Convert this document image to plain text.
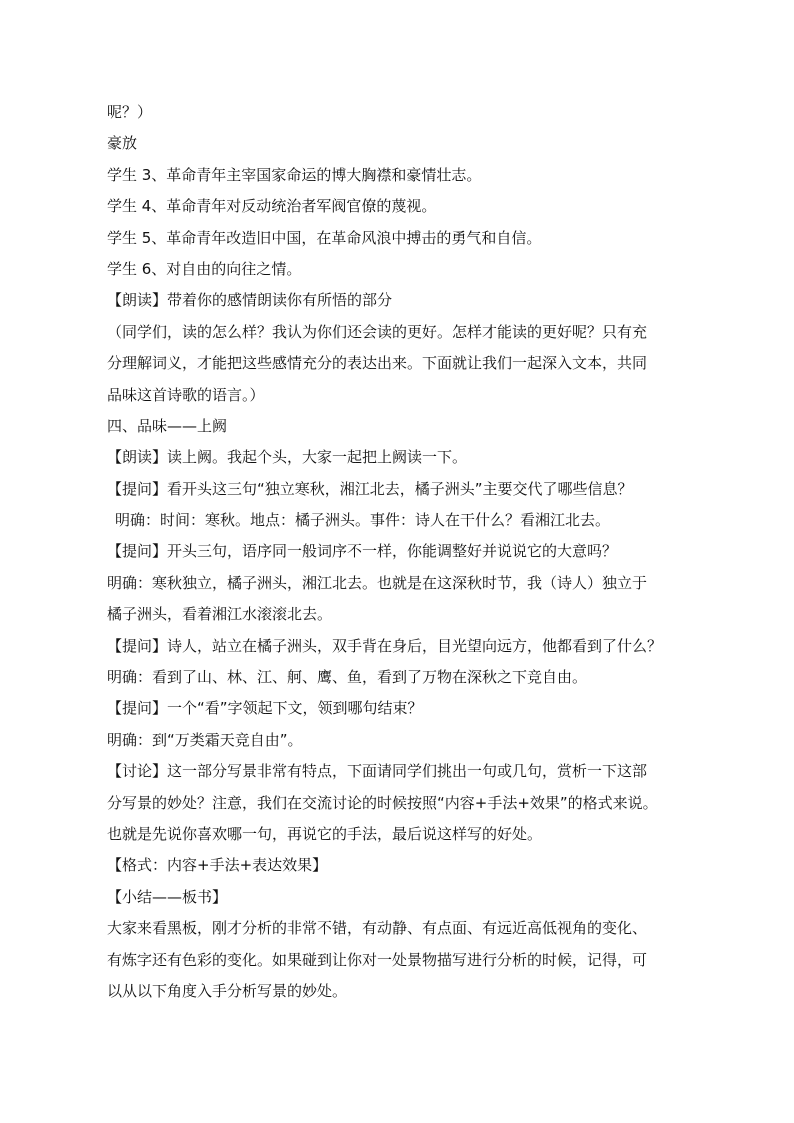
呢？）
豪放
学生 3、革命青年主宰国家命运的博大胸襟和豪情壮志。
学生 4、革命青年对反动统治者军阀官僚的蔑视。
学生 5、革命青年改造旧中国，在革命风浪中搏击的勇气和自信。
学生 6、对自由的向往之情。
【朗读】带着你的感情朗读你有所悟的部分
（同学们，读的怎么样？我认为你们还会读的更好。怎样才能读的更好呢？只有充
分理解词义，才能把这些感情充分的表达出来。下面就让我们一起深入文本，共同
品味这首诗歌的语言。）
四、品味——上阙
【朗读】读上阙。我起个头，大家一起把上阙读一下。
【提问】看开头这三句“独立寒秋，湘江北去，橘子洲头”主要交代了哪些信息？
明确：时间：寒秋。地点：橘子洲头。事件：诗人在干什么？看湘江北去。
【提问】开头三句，语序同一般词序不一样，你能调整好并说说它的大意吗？
明确：寒秋独立，橘子洲头，湘江北去。也就是在这深秋时节，我（诗人）独立于
橘子洲头，看着湘江水滚滚北去。
【提问】诗人，站立在橘子洲头，双手背在身后，目光望向远方，他都看到了什么？
明确：看到了山、林、江、舸、鹰、鱼，看到了万物在深秋之下竞自由。
【提问】一个“看”字领起下文，领到哪句结束？
明确：到“万类霜天竞自由”。
【讨论】这一部分写景非常有特点，下面请同学们挑出一句或几句，赏析一下这部
分写景的妙处？注意，我们在交流讨论的时候按照“内容+手法+效果”的格式来说。
也就是先说你喜欢哪一句，再说它的手法，最后说这样写的好处。
【格式：内容+手法+表达效果】
【小结——板书】
大家来看黑板，刚才分析的非常不错，有动静、有点面、有远近高低视角的变化、
有炼字还有色彩的变化。如果碰到让你对一处景物描写进行分析的时候，记得，可
以从以下角度入手分析写景的妙处。
